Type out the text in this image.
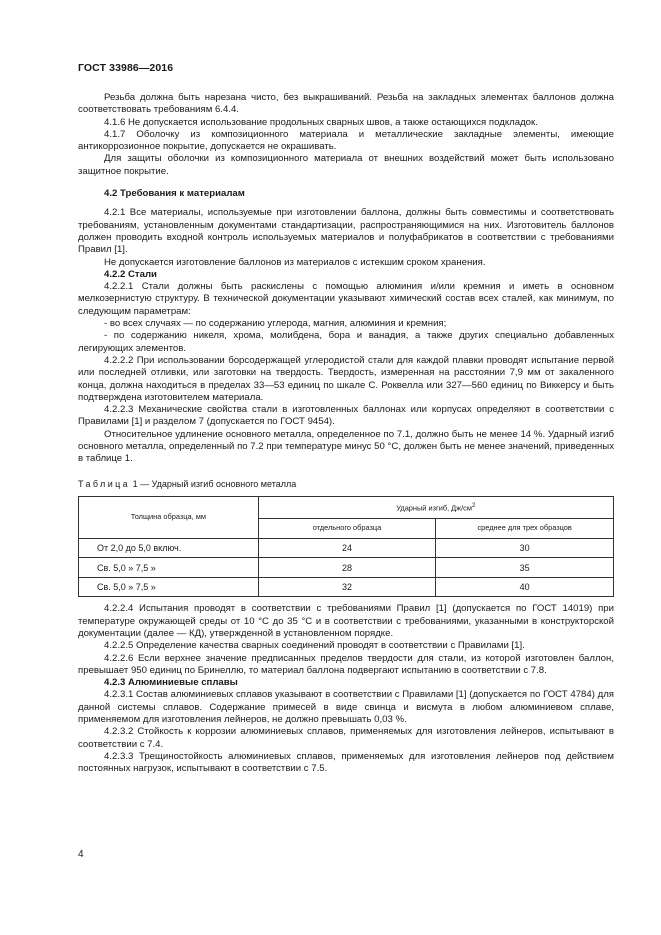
ГОСТ 33986—2016

Резьба должна быть нарезана чисто, без выкрашиваний. Резьба на закладных элементах баллонов должна соответствовать требованиям 6.4.4.

4.1.6 Не допускается использование продольных сварных швов, а также остающихся подкладок.

4.1.7 Оболочку из композиционного материала и металлические закладные элементы, имеющие антикоррозионное покрытие, допускается не окрашивать.

Для защиты оболочки из композиционного материала от внешних воздействий может быть использовано защитное покрытие.

4.2 Требования к материалам

4.2.1 Все материалы, используемые при изготовлении баллона, должны быть совместимы и соответствовать требованиям, установленным документами стандартизации, распространяющимися на них. Изготовитель баллонов должен проводить входной контроль используемых материалов и полуфабрикатов в соответствии с требованиями Правил [1].

Не допускается изготовление баллонов из материалов с истекшим сроком хранения.

4.2.2 Стали

4.2.2.1 Стали должны быть раскислены с помощью алюминия и/или кремния и иметь в основном мелкозернистую структуру. В технической документации указывают химический состав всех сталей, как минимум, по следующим параметрам:

- во всех случаях — по содержанию углерода, магния, алюминия и кремния;

- по содержанию никеля, хрома, молибдена, бора и ванадия, а также других специально добавленных легирующих элементов.

4.2.2.2 При использовании борсодержащей углеродистой стали для каждой плавки проводят испытание первой или последней отливки, или заготовки на твердость. Твердость, измеренная на расстоянии 7,9 мм от закаленного конца, должна находиться в пределах 33—53 единиц по шкале С. Роквелла или 327—560 единиц по Виккерсу и быть подтверждена изготовителем материала.

4.2.2.3 Механические свойства стали в изготовленных баллонах или корпусах определяют в соответствии с Правилами [1] и разделом 7 (допускается по ГОСТ 9454).

Относительное удлинение основного металла, определенное по 7.1, должно быть не менее 14 %. Ударный изгиб основного металла, определенный по 7.2 при температуре минус 50 °С, должен быть не менее значений, приведенных в таблице 1.

Таблица 1 — Ударный изгиб основного металла

Толщина образца, мм	Ударный изгиб, $Дж/см^2$
	отдельного образца	среднее для трех образцов
От 2,0 до 5,0 включ.	24	30
Св. 5,0 » 7,5 »	28	35
Св. 5,0 » 7,5 »	32	40

4.2.2.4 Испытания проводят в соответствии с требованиями Правил [1] (допускается по ГОСТ 14019) при температуре окружающей среды от 10 °С до 35 °С и в соответствии с требованиями, указанными в конструкторской документации (далее — КД), утвержденной в установленном порядке.

4.2.2.5 Определение качества сварных соединений проводят в соответствии с Правилами [1].

4.2.2.6 Если верхнее значение предписанных пределов твердости для стали, из которой изготовлен баллон, превышает 950 единиц по Бринеллю, то материал баллона подвергают испытанию в соответствии с 7.8.

4.2.3 Алюминиевые сплавы

4.2.3.1 Состав алюминиевых сплавов указывают в соответствии с Правилами [1] (допускается по ГОСТ 4784) для данной системы сплавов. Содержание примесей в виде свинца и висмута в любом алюминиевом сплаве, применяемом для изготовления лейнеров, не должно превышать 0,03 %.

4.2.3.2 Стойкость к коррозии алюминиевых сплавов, применяемых для изготовления лейнеров, испытывают в соответствии с 7.4.

4.2.3.3 Трещиностойкость алюминиевых сплавов, применяемых для изготовления лейнеров под действием постоянных нагрузок, испытывают в соответствии с 7.5.

4
